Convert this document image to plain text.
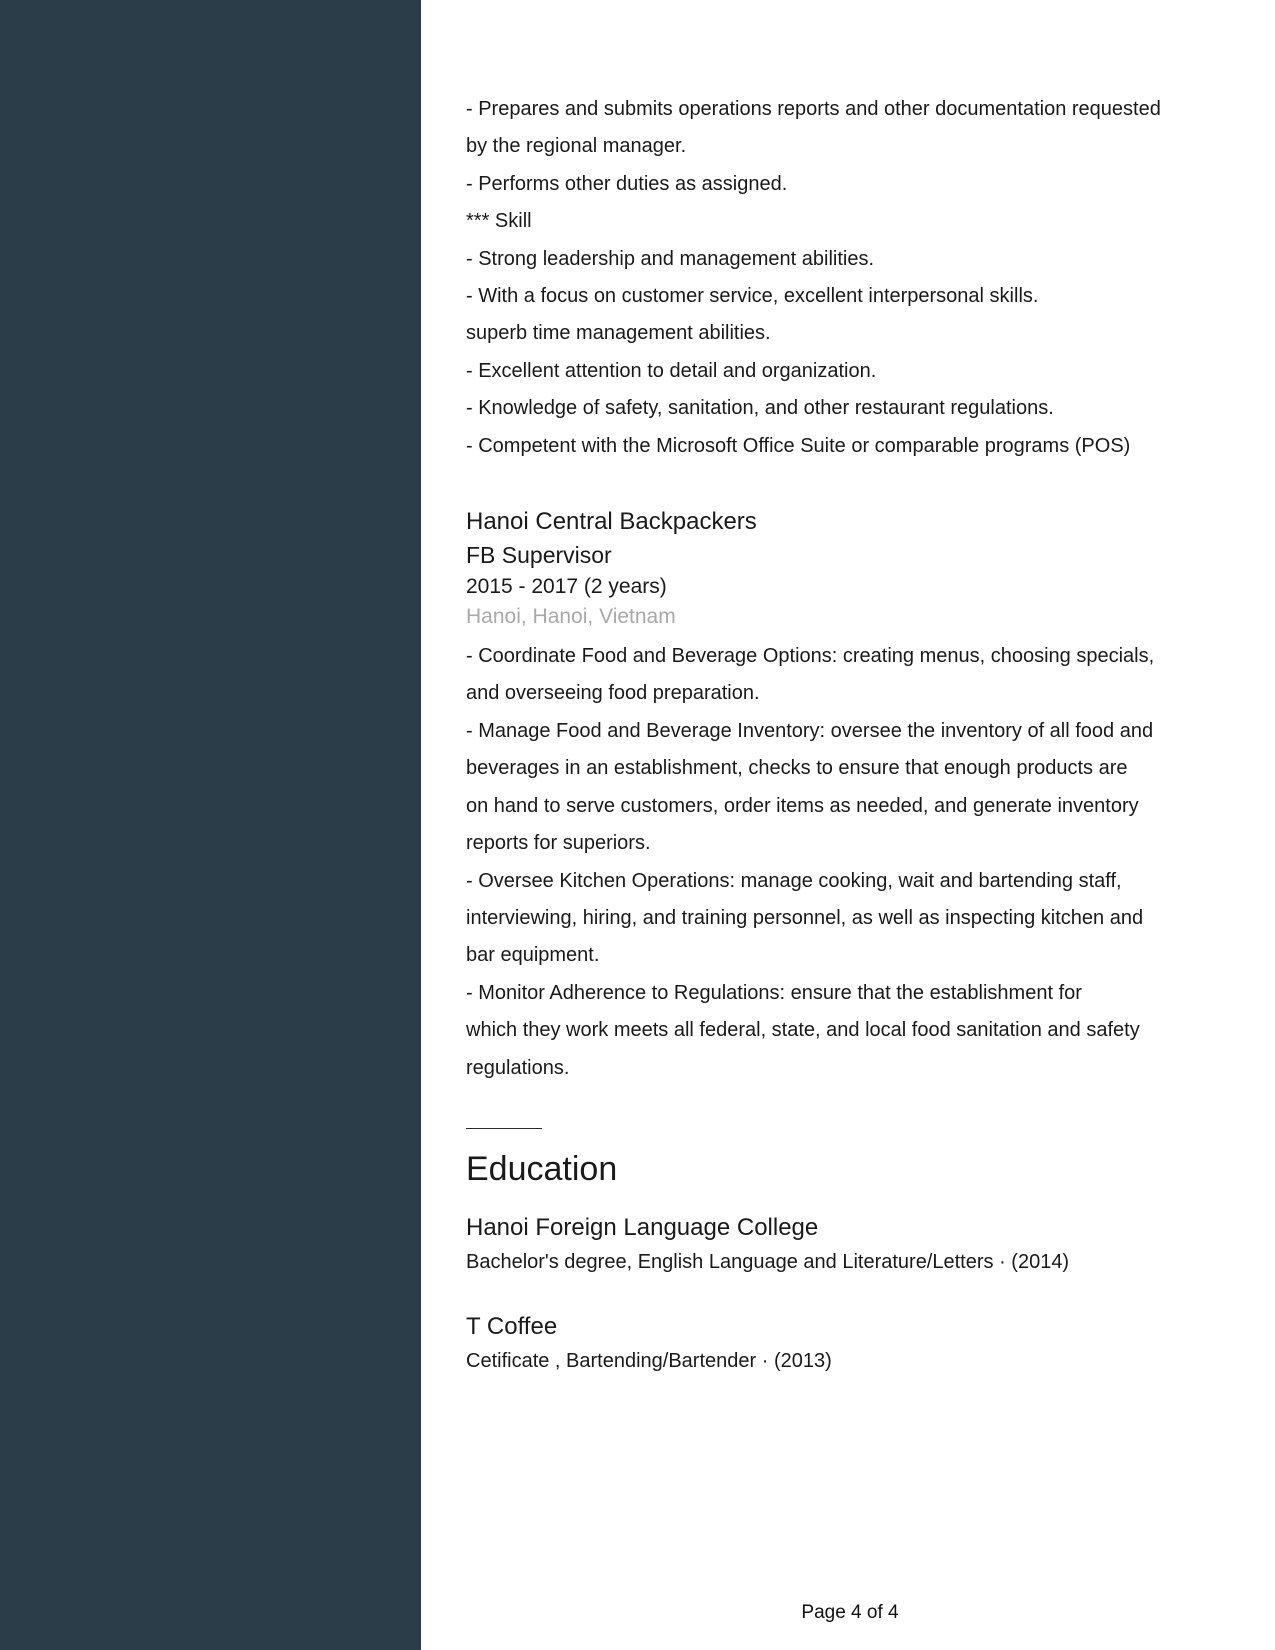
- Prepares and submits operations reports and other documentation requested

by the regional manager.

- Performs other duties as assigned.

*** Skill

- Strong leadership and management abilities.

- With a focus on customer service, excellent interpersonal skills.

superb time management abilities.

- Excellent attention to detail and organization.

- Knowledge of safety, sanitation, and other restaurant regulations.

- Competent with the Microsoft Office Suite or comparable programs (POS)

Hanoi Central Backpackers

FB Supervisor

2015 - 2017 (2 years)

Hanoi, Hanoi, Vietnam

- Coordinate Food and Beverage Options: creating menus, choosing specials,

and overseeing food preparation.

- Manage Food and Beverage Inventory: oversee the inventory of all food and

beverages in an establishment, checks to ensure that enough products are

on hand to serve customers, order items as needed, and generate inventory

reports for superiors.

- Oversee Kitchen Operations: manage cooking, wait and bartending staff,

interviewing, hiring, and training personnel, as well as inspecting kitchen and

bar equipment.

- Monitor Adherence to Regulations: ensure that the establishment for

which they work meets all federal, state, and local food sanitation and safety

regulations.

Education

Hanoi Foreign Language College

Bachelor's degree, English Language and Literature/Letters · (2014)

T Coffee

Cetificate , Bartending/Bartender · (2013)

Page 4 of 4
